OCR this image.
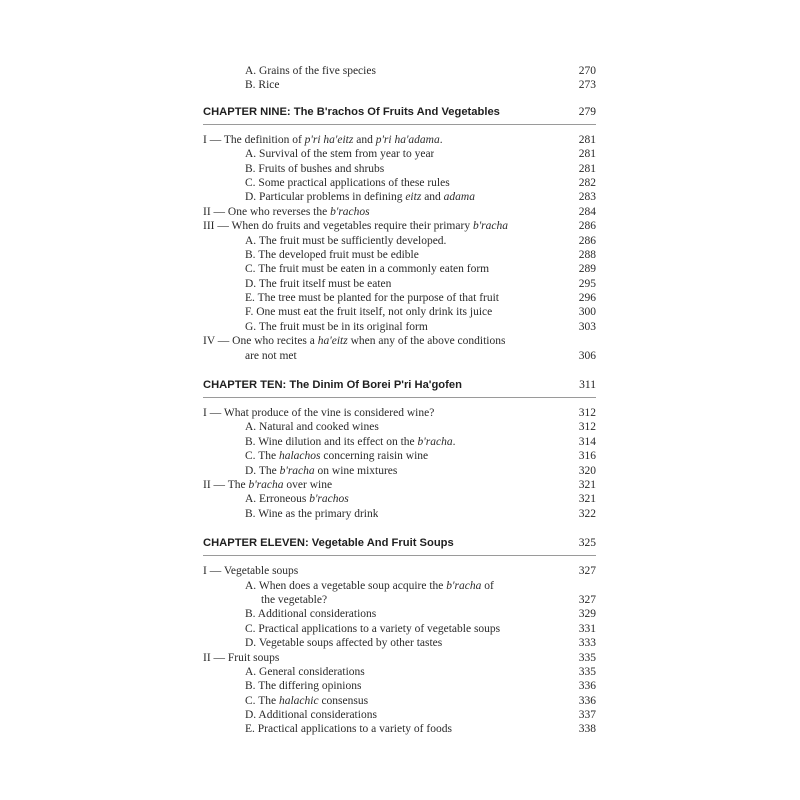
A. Grains of the five species	270
B. Rice	273
CHAPTER NINE: The B'rachos Of Fruits And Vegetables	279
I — The definition of p'ri ha'eitz and p'ri ha'adama.	281
A. Survival of the stem from year to year	281
B. Fruits of bushes and shrubs	281
C. Some practical applications of these rules	282
D. Particular problems in defining eitz and adama	283
II — One who reverses the b'rachos	284
III — When do fruits and vegetables require their primary b'racha	286
A. The fruit must be sufficiently developed.	286
B. The developed fruit must be edible	288
C. The fruit must be eaten in a commonly eaten form	289
D. The fruit itself must be eaten	295
E. The tree must be planted for the purpose of that fruit	296
F. One must eat the fruit itself, not only drink its juice	300
G. The fruit must be in its original form	303
IV — One who recites a ha'eitz when any of the above conditions
are not met	306
CHAPTER TEN: The Dinim Of Borei P'ri Ha'gofen	311
I — What produce of the vine is considered wine?	312
A. Natural and cooked wines	312
B. Wine dilution and its effect on the b'racha.	314
C. The halachos concerning raisin wine	316
D. The b'racha on wine mixtures	320
II — The b'racha over wine	321
A. Erroneous b'rachos	321
B. Wine as the primary drink	322
CHAPTER ELEVEN: Vegetable And Fruit Soups	325
I — Vegetable soups	327
A. When does a vegetable soup acquire the b'racha of
the vegetable?	327
B. Additional considerations	329
C. Practical applications to a variety of vegetable soups	331
D. Vegetable soups affected by other tastes	333
II — Fruit soups	335
A. General considerations	335
B. The differing opinions	336
C. The halachic consensus	336
D. Additional considerations	337
E. Practical applications to a variety of foods	338
